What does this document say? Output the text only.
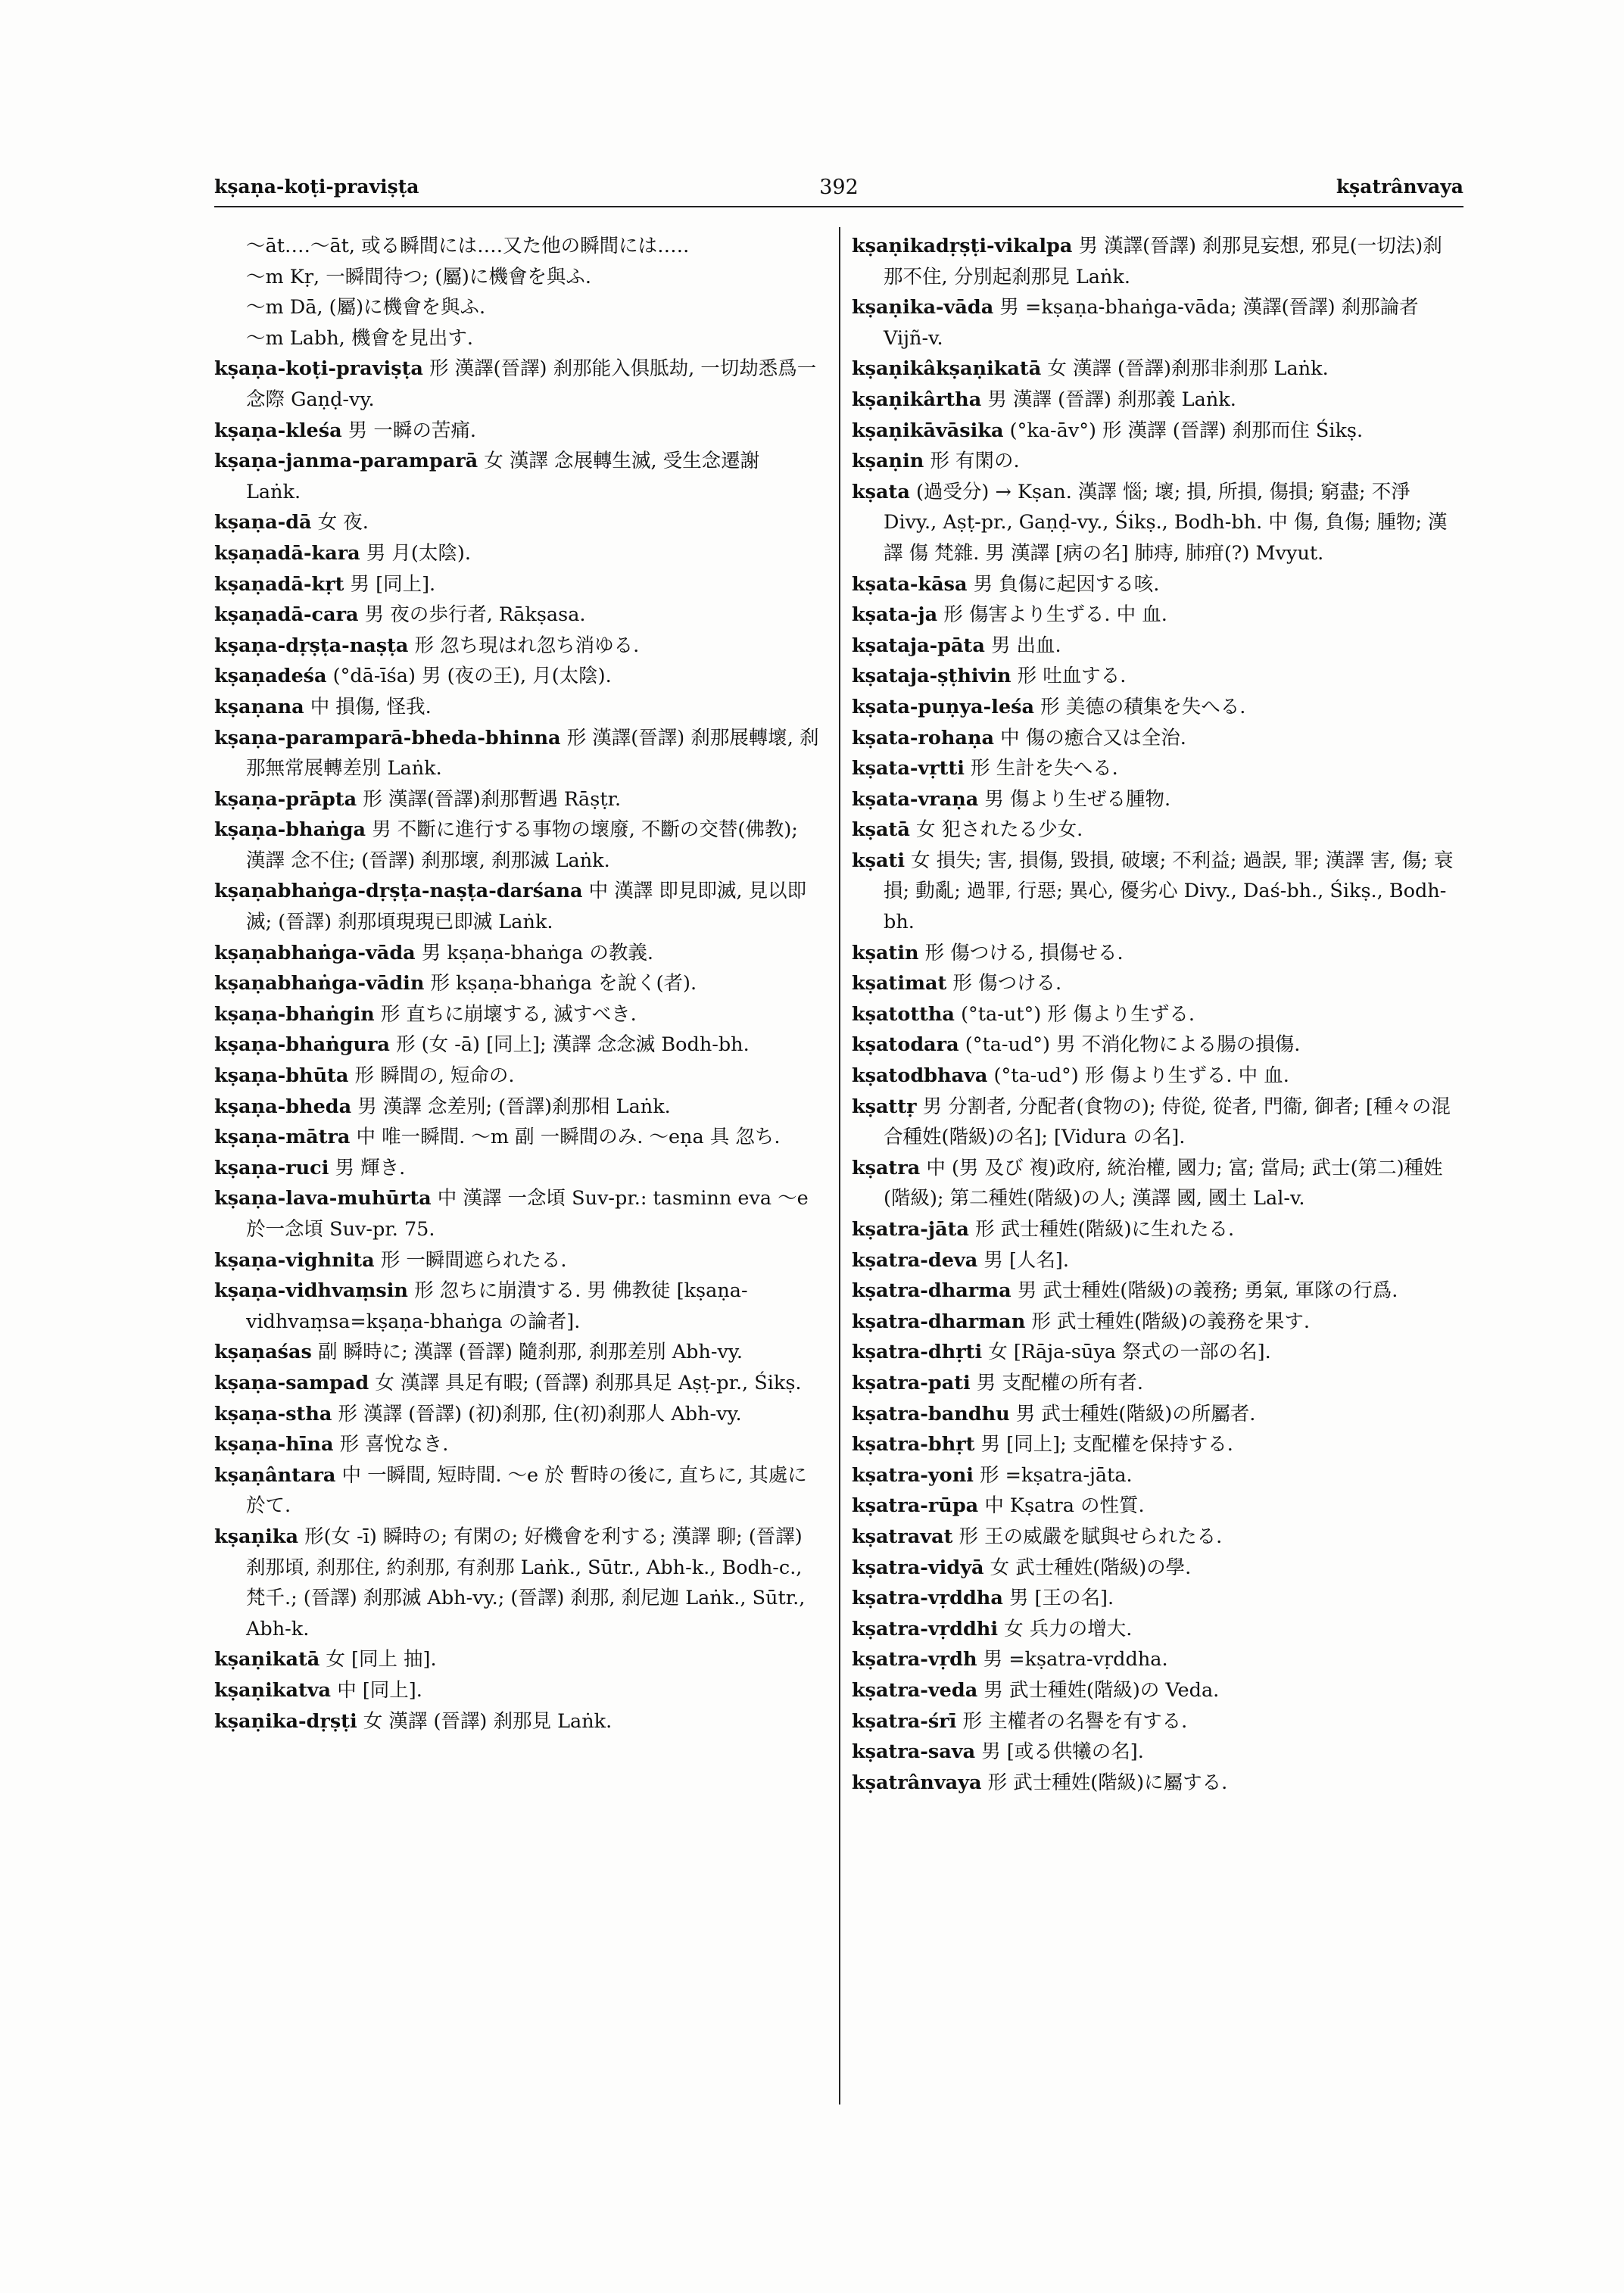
kṣaṇa-koṭi-praviṣṭa	392	kṣatrânvaya

〜āt‥‥〜āt, 或る瞬間には‥‥又た他の瞬間には‥‥.

〜m Kṛ, 一瞬間待つ; (屬)に機會を與ふ.

〜m Dā, (屬)に機會を與ふ.

〜m Labh, 機會を見出す.

kṣaṇa-koṭi-praviṣṭa 形 漢譯(晉譯) 刹那能入俱胝劫, 一切劫悉爲一念際 Gaṇḍ-vy.

kṣaṇa-kleśa 男 一瞬の苦痛.

kṣaṇa-janma-paramparā 女 漢譯 念展轉生滅, 受生念遷謝 Laṅk.

kṣaṇa-dā 女 夜.

kṣaṇadā-kara 男 月(太陰).

kṣaṇadā-kṛt 男 [同上].

kṣaṇadā-cara 男 夜の歩行者, Rākṣasa.

kṣaṇa-dṛṣṭa-naṣṭa 形 忽ち現はれ忽ち消ゆる.

kṣaṇadeśa (°dā-īśa) 男 (夜の王), 月(太陰).

kṣaṇana 中 損傷, 怪我.

kṣaṇa-paramparā-bheda-bhinna 形 漢譯(晉譯) 刹那展轉壞, 刹那無常展轉差別 Laṅk.

kṣaṇa-prāpta 形 漢譯(晉譯)刹那暫遇 Rāṣṭr.

kṣaṇa-bhaṅga 男 不斷に進行する事物の壞廢, 不斷の交替(佛教); 漢譯 念不住; (晉譯) 刹那壞, 刹那滅 Laṅk.

kṣaṇabhaṅga-dṛṣṭa-naṣṭa-darśana 中 漢譯 即見即滅, 見以即滅; (晉譯) 刹那頃現現已即滅 Laṅk.

kṣaṇabhaṅga-vāda 男 kṣaṇa-bhaṅga の教義.

kṣaṇabhaṅga-vādin 形 kṣaṇa-bhaṅga を說く(者).

kṣaṇa-bhaṅgin 形 直ちに崩壞する, 滅すべき.

kṣaṇa-bhaṅgura 形 (女 -ā) [同上]; 漢譯 念念滅 Bodh-bh.

kṣaṇa-bhūta 形 瞬間の, 短命の.

kṣaṇa-bheda 男 漢譯 念差別; (晉譯)刹那相 Laṅk.

kṣaṇa-mātra 中 唯一瞬間. 〜m 副 一瞬間のみ. 〜eṇa 具 忽ち.

kṣaṇa-ruci 男 輝き.

kṣaṇa-lava-muhūrta 中 漢譯 一念頃 Suv-pr.: tasminn eva 〜e 於一念頃 Suv-pr. 75.

kṣaṇa-vighnita 形 一瞬間遮られたる.

kṣaṇa-vidhvaṃsin 形 忽ちに崩潰する. 男 佛教徒 [kṣaṇa-vidhvaṃsa=kṣaṇa-bhaṅga の論者].

kṣaṇaśas 副 瞬時に; 漢譯 (晉譯) 隨刹那, 刹那差別 Abh-vy.

kṣaṇa-sampad 女 漢譯 具足有暇; (晉譯) 刹那具足 Aṣṭ-pr., Śikṣ.

kṣaṇa-stha 形 漢譯 (晉譯) (初)刹那, 住(初)刹那人 Abh-vy.

kṣaṇa-hīna 形 喜悅なき.

kṣaṇântara 中 一瞬間, 短時間. 〜e 於 暫時の後に, 直ちに, 其處に於て.

kṣaṇika 形(女 -ī) 瞬時の; 有閑の; 好機會を利する; 漢譯 聊; (晉譯) 刹那頃, 刹那住, 約刹那, 有刹那 Laṅk., Sūtr., Abh-k., Bodh-c., 梵千.; (晉譯) 刹那滅 Abh-vy.; (晉譯) 刹那, 刹尼迦 Laṅk., Sūtr., Abh-k.

kṣaṇikatā 女 [同上 抽].

kṣaṇikatva 中 [同上].

kṣaṇika-dṛṣṭi 女 漢譯 (晉譯) 刹那見 Laṅk.

kṣaṇikadṛṣṭi-vikalpa 男 漢譯(晉譯) 刹那見妄想, 邪見(一切法)刹那不住, 分別起刹那見 Laṅk.

kṣaṇika-vāda 男 =kṣaṇa-bhaṅga-vāda; 漢譯(晉譯) 刹那論者 Vijñ-v.

kṣaṇikâkṣaṇikatā 女 漢譯 (晉譯)刹那非刹那 Laṅk.

kṣaṇikârtha 男 漢譯 (晉譯) 刹那義 Laṅk.

kṣaṇikāvāsika (°ka-āv°) 形 漢譯 (晉譯) 刹那而住 Śikṣ.

kṣaṇin 形 有閑の.

kṣata (過受分) → Kṣan. 漢譯 惱; 壞; 損, 所損, 傷損; 窮盡; 不淨 Divy., Aṣṭ-pr., Gaṇḍ-vy., Śikṣ., Bodh-bh. 中 傷, 負傷; 腫物; 漢譯 傷 梵雜. 男 漢譯 [病の名] 肺痔, 肺疳(?) Mvyut.

kṣata-kāsa 男 負傷に起因する咳.

kṣata-ja 形 傷害より生ずる. 中 血.

kṣataja-pāta 男 出血.

kṣataja-ṣṭhivin 形 吐血する.

kṣata-puṇya-leśa 形 美德の積集を失へる.

kṣata-rohaṇa 中 傷の癒合又は全治.

kṣata-vṛtti 形 生計を失へる.

kṣata-vraṇa 男 傷より生ぜる腫物.

kṣatā 女 犯されたる少女.

kṣati 女 損失; 害, 損傷, 毀損, 破壞; 不利益; 過誤, 罪; 漢譯 害, 傷; 衰損; 動亂; 過罪, 行惡; 異心, 優劣心 Divy., Daś-bh., Śikṣ., Bodh-bh.

kṣatin 形 傷つける, 損傷せる.

kṣatimat 形 傷つける.

kṣatottha (°ta-ut°) 形 傷より生ずる.

kṣatodara (°ta-ud°) 男 不消化物による腸の損傷.

kṣatodbhava (°ta-ud°) 形 傷より生ずる. 中 血.

kṣattṛ 男 分割者, 分配者(食物の); 侍從, 從者, 門衞, 御者; [種々の混合種姓(階級)の名]; [Vidura の名].

kṣatra 中 (男 及び 複)政府, 統治權, 國力; 富; 當局; 武士(第二)種姓(階級); 第二種姓(階級)の人; 漢譯 國, 國土 Lal-v.

kṣatra-jāta 形 武士種姓(階級)に生れたる.

kṣatra-deva 男 [人名].

kṣatra-dharma 男 武士種姓(階級)の義務; 勇氣, 軍隊の行爲.

kṣatra-dharman 形 武士種姓(階級)の義務を果す.

kṣatra-dhṛti 女 [Rāja-sūya 祭式の一部の名].

kṣatra-pati 男 支配權の所有者.

kṣatra-bandhu 男 武士種姓(階級)の所屬者.

kṣatra-bhṛt 男 [同上]; 支配權を保持する.

kṣatra-yoni 形 =kṣatra-jāta.

kṣatra-rūpa 中 Kṣatra の性質.

kṣatravat 形 王の威嚴を賦與せられたる.

kṣatra-vidyā 女 武士種姓(階級)の學.

kṣatra-vṛddha 男 [王の名].

kṣatra-vṛddhi 女 兵力の增大.

kṣatra-vṛdh 男 =kṣatra-vṛddha.

kṣatra-veda 男 武士種姓(階級)の Veda.

kṣatra-śrī 形 主權者の名譽を有する.

kṣatra-sava 男 [或る供犧の名].

kṣatrânvaya 形 武士種姓(階級)に屬する.
